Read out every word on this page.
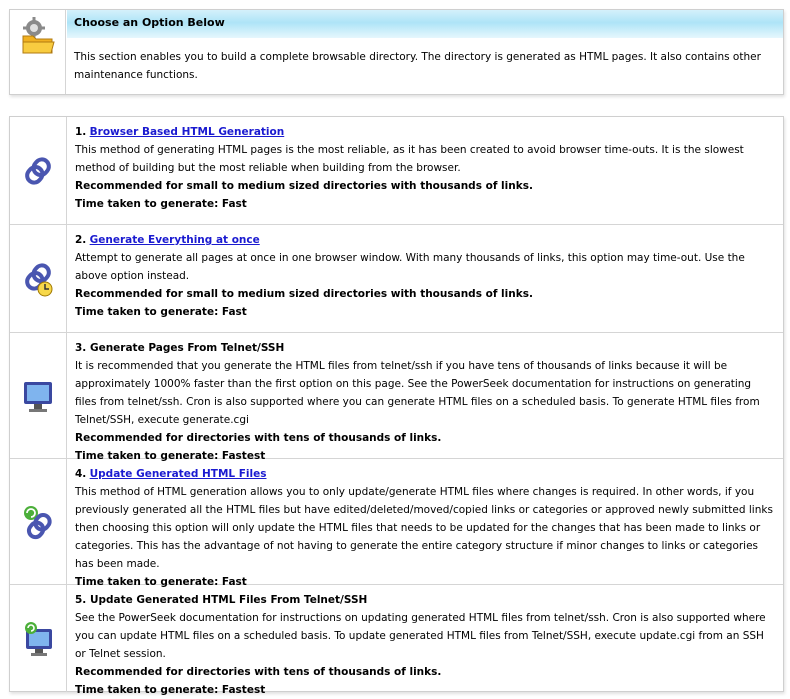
Choose an Option Below
This section enables you to build a complete browsable directory. The directory is generated as HTML pages. It also contains other maintenance functions.
1. Browser Based HTML Generation
This method of generating HTML pages is the most reliable, as it has been created to avoid browser time-outs. It is the slowest method of building but the most reliable when building from the browser.
Recommended for small to medium sized directories with thousands of links.
Time taken to generate: Fast
2. Generate Everything at once
Attempt to generate all pages at once in one browser window. With many thousands of links, this option may time-out. Use the above option instead.
Recommended for small to medium sized directories with thousands of links.
Time taken to generate: Fast
3. Generate Pages From Telnet/SSH
It is recommended that you generate the HTML files from telnet/ssh if you have tens of thousands of links because it will be approximately 1000% faster than the first option on this page. See the PowerSeek documentation for instructions on generating files from telnet/ssh. Cron is also supported where you can generate HTML files on a scheduled basis. To generate HTML files from Telnet/SSH, execute generate.cgi
Recommended for directories with tens of thousands of links.
Time taken to generate: Fastest
4. Update Generated HTML Files
This method of HTML generation allows you to only update/generate HTML files where changes is required. In other words, if you previously generated all the HTML files but have edited/deleted/moved/copied links or categories or approved newly submitted links then choosing this option will only update the HTML files that needs to be updated for the changes that has been made to links or categories. This has the advantage of not having to generate the entire category structure if minor changes to links or categories has been made.
Time taken to generate: Fast
5. Update Generated HTML Files From Telnet/SSH
See the PowerSeek documentation for instructions on updating generated HTML files from telnet/ssh. Cron is also supported where you can update HTML files on a scheduled basis. To update generated HTML files from Telnet/SSH, execute update.cgi from an SSH or Telnet session.
Recommended for directories with tens of thousands of links.
Time taken to generate: Fastest
